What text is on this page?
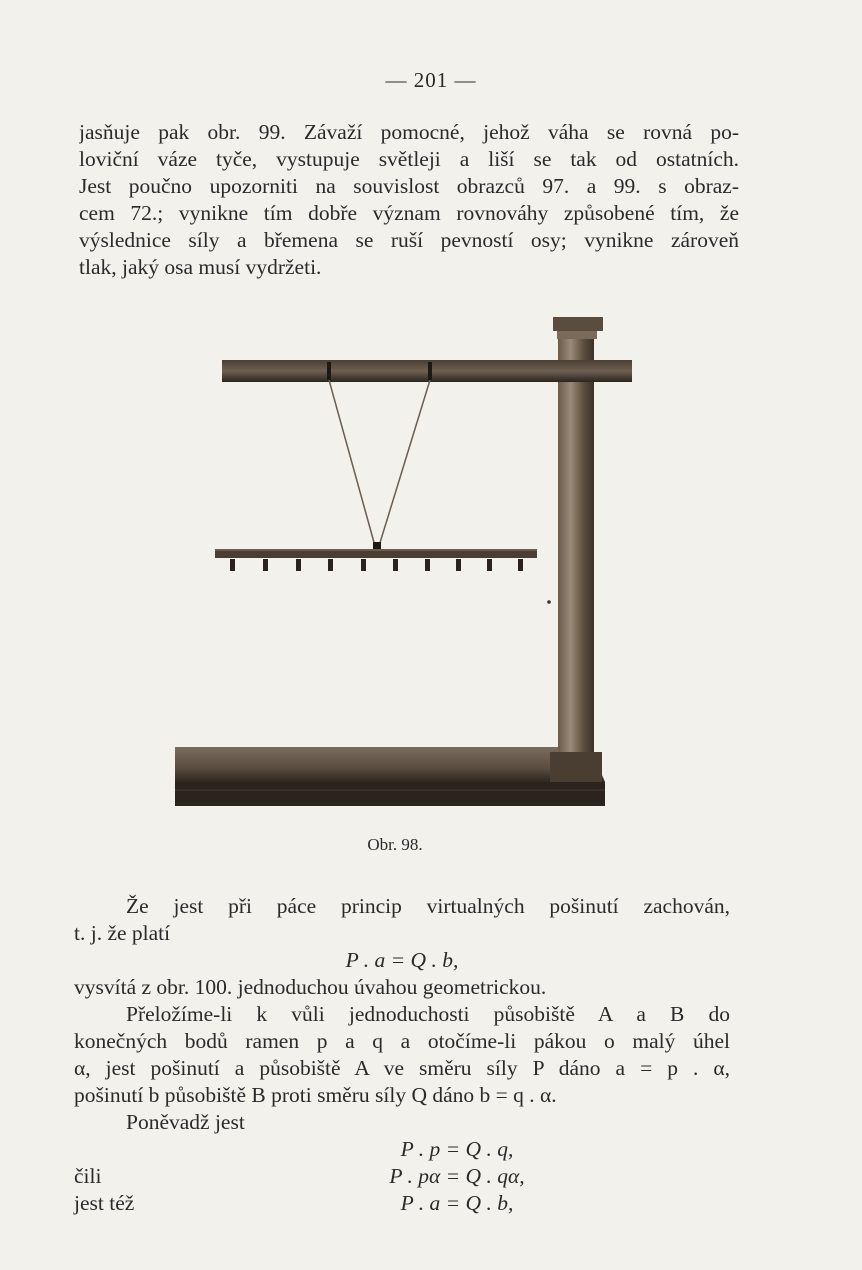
— 201 —
jasňuje pak obr. 99. Závaží pomocné, jehož váha se rovná po-
loviční váze tyče, vystupuje světleji a liší se tak od ostatních.
Jest poučno upozorniti na souvislost obrazců 97. a 99. s obraz-
cem 72.; vynikne tím dobře význam rovnováhy způsobené tím, že
výslednice síly a břemena se ruší pevností osy; vynikne zároveň
tlak, jaký osa musí vydržeti.
Obr. 98.
Že jest při páce princip virtualných pošinutí zachován,
t. j. že platí
P . a = Q . b,
vysvítá z obr. 100. jednoduchou úvahou geometrickou.
Přeložíme-li k vůli jednoduchosti působiště A a B do
konečných bodů ramen p a q a otočíme-li pákou o malý úhel
α, jest pošinutí a působiště A ve směru síly P dáno a = p . α,
pošinutí b působiště B proti směru síly Q dáno b = q . α.
Poněvadž jest
P . p = Q . q,
čili	P . pα = Q . qα,
jest též	P . a = Q . b,
